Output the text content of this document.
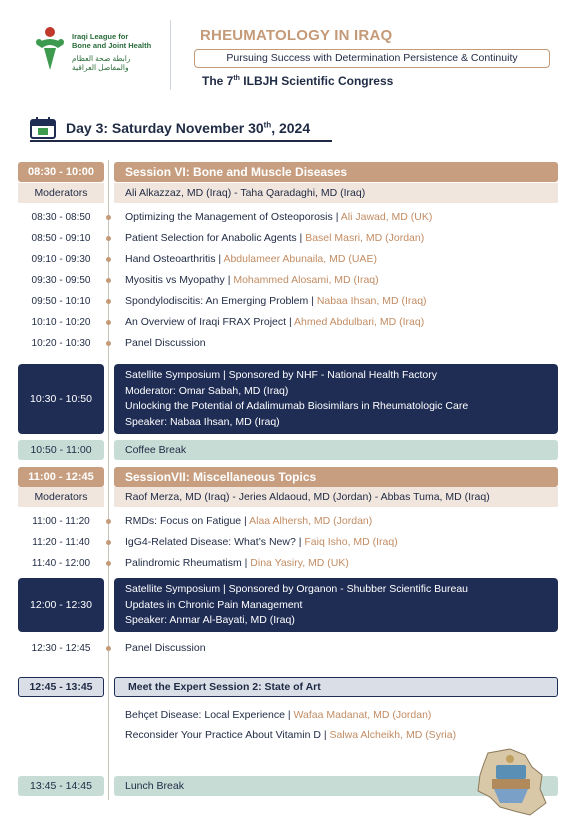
Iraqi League for
Bone and Joint Health
رابطة صحة العظام
والمفاصل العراقية
RHEUMATOLOGY IN IRAQ
Pursuing Success with Determination Persistence & Continuity
The 7th ILBJH Scientific Congress
Day 3: Saturday November 30th, 2024
08:30 - 10:00	Session VI: Bone and Muscle Diseases
Moderators	Ali Alkazzaz, MD (Iraq) - Taha Qaradaghi, MD (Iraq)
08:30 - 08:50	Optimizing the Management of Osteoporosis | Ali Jawad, MD (UK)
08:50 - 09:10	Patient Selection for Anabolic Agents | Basel Masri, MD (Jordan)
09:10 - 09:30	Hand Osteoarthritis | Abdulameer Abunaila, MD (UAE)
09:30 - 09:50	Myositis vs Myopathy | Mohammed Alosami, MD (Iraq)
09:50 - 10:10	Spondylodiscitis: An Emerging Problem | Nabaa Ihsan, MD (Iraq)
10:10 - 10:20	An Overview of Iraqi FRAX Project | Ahmed Abdulbari, MD (Iraq)
10:20 - 10:30	Panel Discussion
10:30 - 10:50
Satellite Symposium | Sponsored by NHF - National Health Factory
Moderator: Omar Sabah, MD (Iraq)
Unlocking the Potential of Adalimumab Biosimilars in Rheumatologic Care
Speaker: Nabaa Ihsan, MD (Iraq)
10:50 - 11:00	Coffee Break
11:00 - 12:45	SessionVII: Miscellaneous Topics
Moderators	Raof Merza, MD (Iraq) - Jeries Aldaoud, MD (Jordan) - Abbas Tuma, MD (Iraq)
11:00 - 11:20	RMDs: Focus on Fatigue | Alaa Alhersh, MD (Jordan)
11:20 - 11:40	IgG4-Related Disease: What’s New? | Faiq Isho, MD (Iraq)
11:40 - 12:00	Palindromic Rheumatism | Dina Yasiry, MD (UK)
12:00 - 12:30
Satellite Symposium | Sponsored by Organon - Shubber Scientific Bureau
Updates in Chronic Pain Management
Speaker: Anmar Al-Bayati, MD (Iraq)
12:30 - 12:45	Panel Discussion
12:45 - 13:45	Meet the Expert Session 2: State of Art
Behçet Disease: Local Experience | Wafaa Madanat, MD (Jordan)
Reconsider Your Practice About Vitamin D | Salwa Alcheikh, MD (Syria)
13:45 - 14:45	Lunch Break
